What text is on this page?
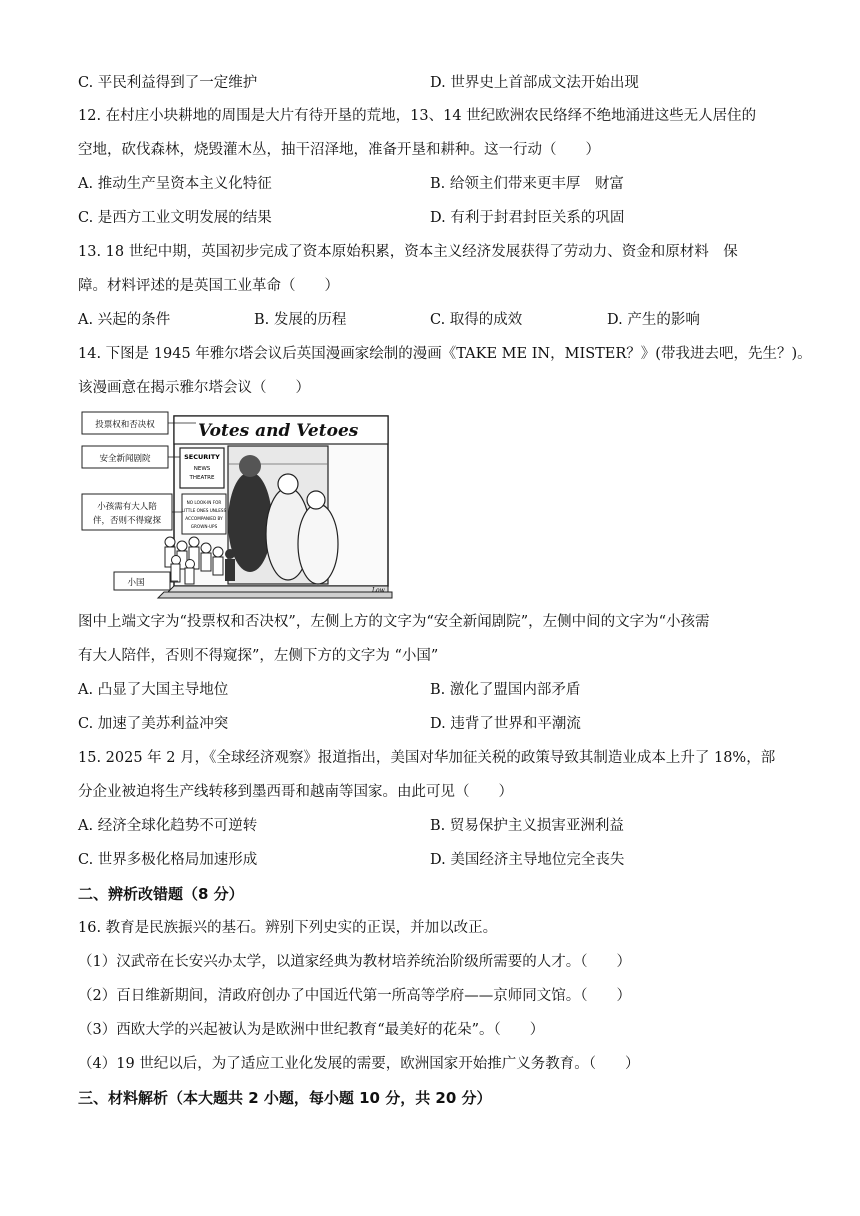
C. 平民利益得到了一定维护	D. 世界史上首部成文法开始出现
12. 在村庄小块耕地的周围是大片有待开垦的荒地，13、14 世纪欧洲农民络绎不绝地涌进这些无人居住的
空地，砍伐森林，烧毁灌木丛，抽干沼泽地，准备开垦和耕种。这一行动（　　）
A. 推动生产呈资本主义化特征	B. 给领主们带来更丰厚　财富
C. 是西方工业文明发展的结果	D. 有利于封君封臣关系的巩固
13. 18 世纪中期，英国初步完成了资本原始积累，资本主义经济发展获得了劳动力、资金和原材料　保
障。材料评述的是英国工业革命（　　）
A. 兴起的条件	B. 发展的历程	C. 取得的成效	D. 产生的影响
14. 下图是 1945 年雅尔塔会议后英国漫画家绘制的漫画《TAKE ME IN，MISTER？》(带我进去吧，先生？)。
该漫画意在揭示雅尔塔会议（　　）
Votes and Vetoes
SECURITY
NEWS
THEATRE
NO LOOK-IN FOR
LITTLE ONES UNLESS
ACCOMPANIED BY
GROWN-UPS
Low
投票权和否决权
安全新闻剧院
小孩需有大人陪
伴，否则不得窥探
小国
图中上端文字为“投票权和否决权”，左侧上方的文字为“安全新闻剧院”，左侧中间的文字为“小孩需
有大人陪伴，否则不得窥探”，左侧下方的文字为 “小国”
A. 凸显了大国主导地位	B. 激化了盟国内部矛盾
C. 加速了美苏利益冲突	D. 违背了世界和平潮流
15. 2025 年 2 月，《全球经济观察》报道指出，美国对华加征关税的政策导致其制造业成本上升了 18%，部
分企业被迫将生产线转移到墨西哥和越南等国家。由此可见（　　）
A. 经济全球化趋势不可逆转	B. 贸易保护主义损害亚洲利益
C. 世界多极化格局加速形成	D. 美国经济主导地位完全丧失
二、辨析改错题（8 分）
16. 教育是民族振兴的基石。辨别下列史实的正误，并加以改正。
（1）汉武帝在长安兴办太学，以道家经典为教材培养统治阶级所需要的人才。（　　）
（2）百日维新期间，清政府创办了中国近代第一所高等学府——京师同文馆。（　　）
（3）西欧大学的兴起被认为是欧洲中世纪教育“最美好的花朵”。（　　）
（4）19 世纪以后，为了适应工业化发展的需要，欧洲国家开始推广义务教育。（　　）
三、材料解析（本大题共 2 小题，每小题 10 分，共 20 分）
